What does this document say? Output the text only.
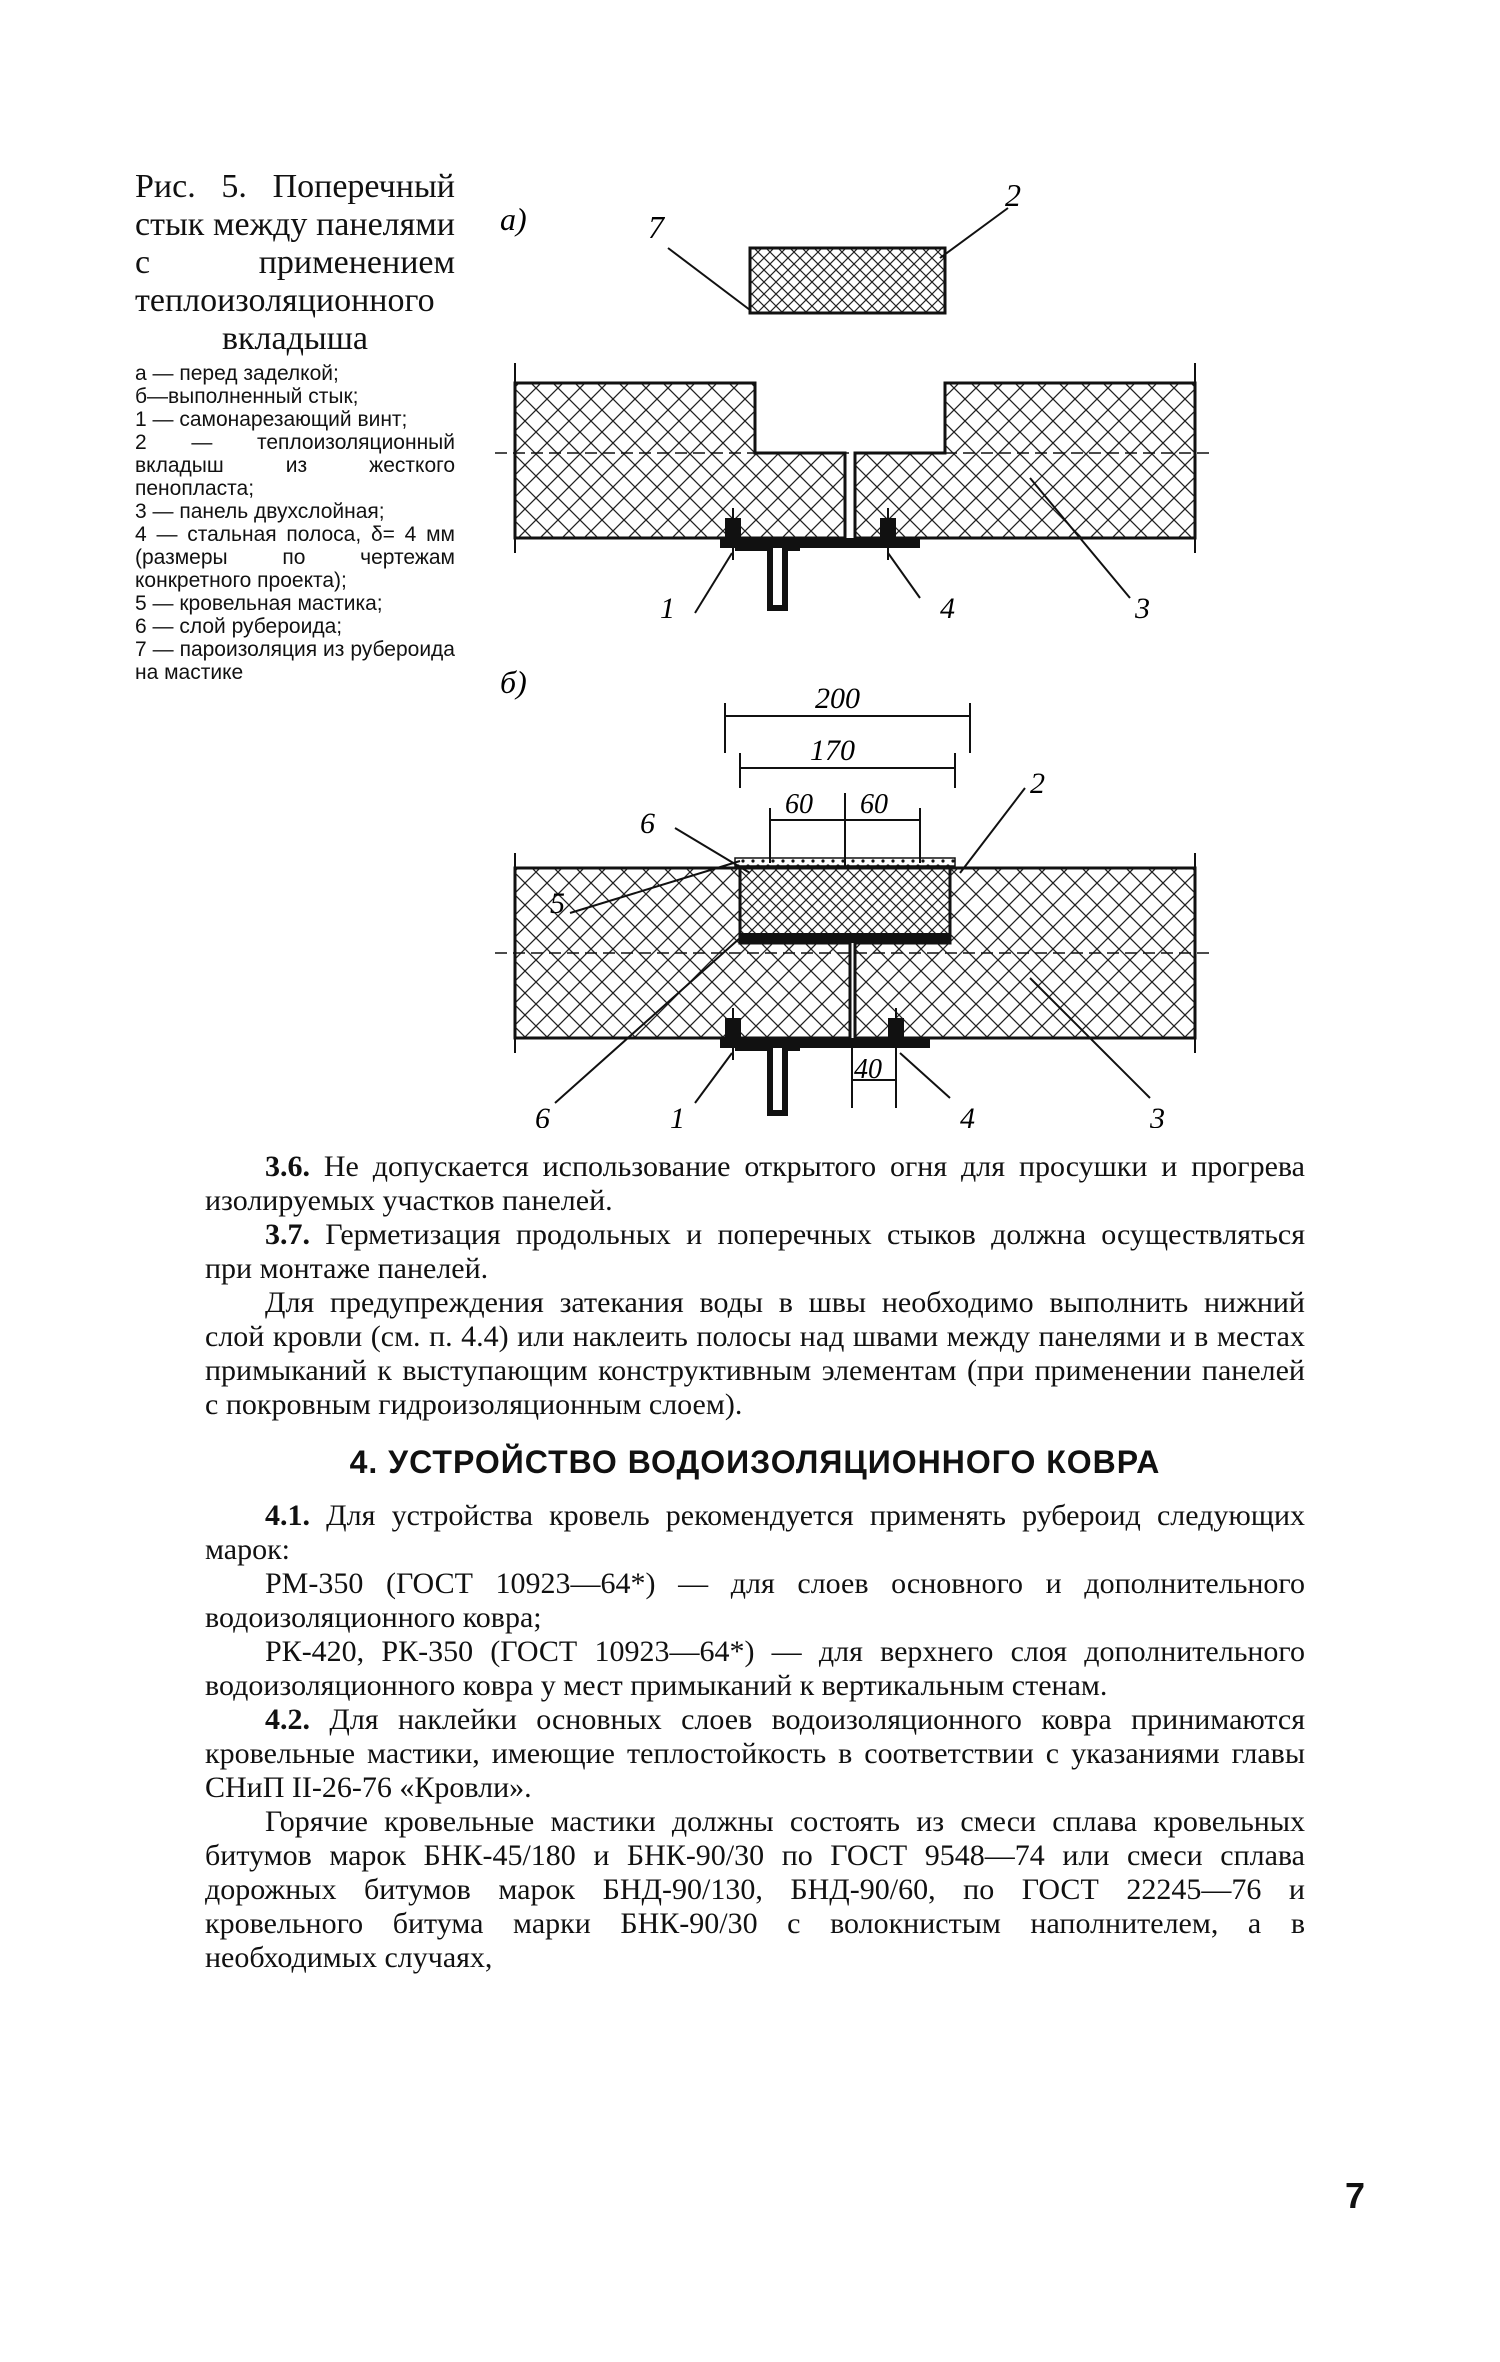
Рис. 5. Поперечный стык между панелями с применением теплоизоляционного вкладыша

а — перед заделкой;
б—выполненный стык;
1 — самонарезающий винт;
2 — теплоизоляционный вкладыш из жесткого пенопласта;
3 — панель двухслойная;
4 — стальная полоса, δ= 4 мм (размеры по чертежам конкретного проекта);
5 — кровельная мастика;
6 — слой рубероида;
7 — пароизоляция из рубероида на мастике

а)	7
2
1	4	3
б)	200
170
60 60
40
6
5
2
6	1	4	3

3.6. Не допускается использование открытого огня для просушки и прогрева изолируемых участков панелей.

3.7. Герметизация продольных и поперечных стыков должна осуществляться при монтаже панелей.

Для предупреждения затекания воды в швы необходимо выполнить нижний слой кровли (см. п. 4.4) или наклеить полосы над швами между панелями и в местах примыканий к выступающим конструктивным элементам (при применении панелей с покровным гидроизоляционным слоем).

4. УСТРОЙСТВО ВОДОИЗОЛЯЦИОННОГО КОВРА

4.1. Для устройства кровель рекомендуется применять рубероид следующих марок:

РМ-350 (ГОСТ 10923—64*) — для слоев основного и дополнительного водоизоляционного ковра;

РК-420, РК-350 (ГОСТ 10923—64*) — для верхнего слоя дополнительного водоизоляционного ковра у мест примыканий к вертикальным стенам.

4.2. Для наклейки основных слоев водоизоляционного ковра принимаются кровельные мастики, имеющие теплостойкость в соответствии с указаниями главы СНиП II-26-76 «Кровли».

Горячие кровельные мастики должны состоять из смеси сплава кровельных битумов марок БНК-45/180 и БНК-90/30 по ГОСТ 9548—74 или смеси сплава дорожных битумов марок БНД-90/130, БНД-90/60, по ГОСТ 22245—76 и кровельного битума марки БНК-90/30 с волокнистым наполнителем, а в необходимых случаях,

7
